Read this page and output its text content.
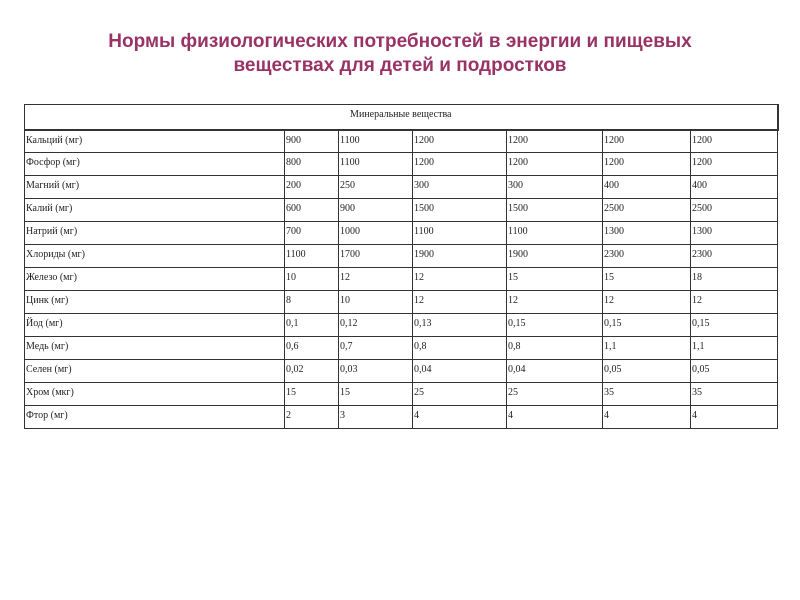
Нормы физиологических потребностей в энергии и пищевых
веществах для детей и подростков
Минеральные вещества						
Кальций (мг)	900	1100	1200	1200	1200	1200
Фосфор (мг)	800	1100	1200	1200	1200	1200
Магний (мг)	200	250	300	300	400	400
Калий (мг)	600	900	1500	1500	2500	2500
Натрий (мг)	700	1000	1100	1100	1300	1300
Хлориды (мг)	1100	1700	1900	1900	2300	2300
Железо (мг)	10	12	12	15	15	18
Цинк (мг)	8	10	12	12	12	12
Йод (мг)	0,1	0,12	0,13	0,15	0,15	0,15
Медь (мг)	0,6	0,7	0,8	0,8	1,1	1,1
Селен (мг)	0,02	0,03	0,04	0,04	0,05	0,05
Хром (мкг)	15	15	25	25	35	35
Фтор (мг)	2	3	4	4	4	4
